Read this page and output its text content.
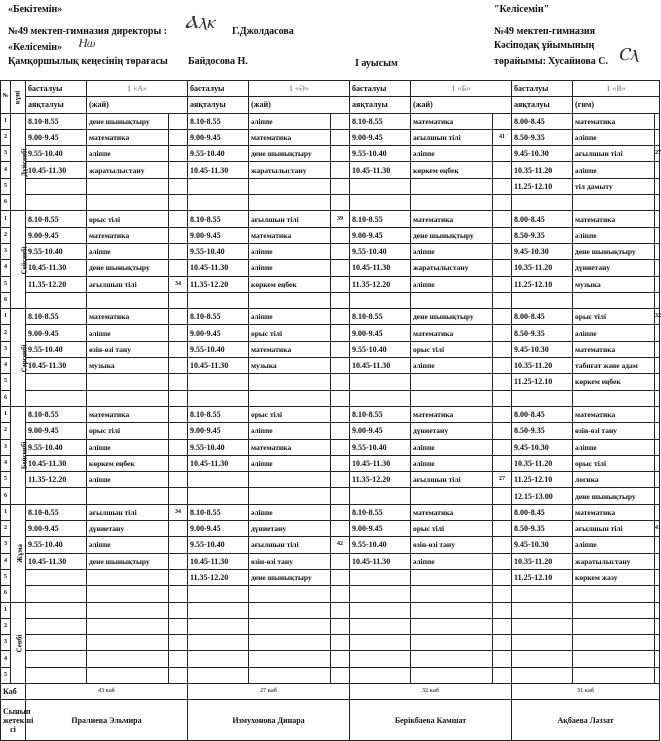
«Бекітемін»
№49 мектеп-гимназия директоры : Ⲁⲗⲕ Г.Джолдасова
«Келісемін» Ⲏⲱ
Қамқоршылық кеңесінің төрағасы Байдосова Н.	І ауысым
"Келісемін"
№49 мектеп-гимназия
Кәсіподақ ұйымының
төрайымы: Хусайнова С. Ⲥⲗ
№	күні	басталуы	1 «А»		басталуы	1 «Ә»		басталуы	1 «Б»		басталуы	1 «В»	
		аяқталуы	(жай)		аяқталуы	(жай)		аяқталуы	(жай)		аяқталуы	(гим)	
1	Дүйсенбі	8.10-8.55	дене шынықтыру		8.10-8.55	әліппе		8.10-8.55	математика		8.00-8.45	математика	
2		9.00-9.45	математика		9.00-9.45	математика		9.00-9.45	ағылшын тілі	41	8.50-9.35	әліппе	
3		9.55-10.40	әліппе		9.55-10.40	дене шынықтыру		9.55-10.40	әліппе		9.45-10.30	ағылшын тілі	27
4		10.45-11.30	жаратылыстану		10.45-11.30	жаратылыстану		10.45-11.30	көркем еңбек		10.35-11.20	әліппе	
5											11.25-12.10	тіл дамыту	
6													
1	Сейсенбі	8.10-8.55	орыс тілі		8.10-8.55	ағылшын тілі	39	8.10-8.55	математика		8.00-8.45	математика	
2		9.00-9.45	математика		9.00-9.45	математика		9.00-9.45	дене шынықтыру		8.50-9.35	әліппе	
3		9.55-10.40	әліппе		9.55-10.40	әліппе		9.55-10.40	әліппе		9.45-10.30	дене шынықтыру	
4		10.45-11.30	дене шынықтыру		10.45-11.30	әліппе		10.45-11.30	жаратылыстану		10.35-11.20	дүниетану	
5		11.35-12.20	ағылшын тілі	34	11.35-12.20	көркем еңбек		11.35-12.20	әліппе		11.25-12.10	музыка	
6													
1	Сәрсенбі	8.10-8.55	математика		8.10-8.55	әліппе		8.10-8.55	дене шынықтыру		8.00-8.45	орыс тілі	32
2		9.00-9.45	әліппе		9.00-9.45	орыс тілі		9.00-9.45	математика		8.50-9.35	әліппе	
3		9.55-10.40	өзін-өзі тану		9.55-10.40	математика		9.55-10.40	орыс тілі		9.45-10.30	математика	
4		10.45-11.30	музыка		10.45-11.30	музыка		10.45-11.30	әліппе		10.35-11.20	табиғат және адам	
5											11.25-12.10	көркем еңбек	
6													
1	Бейсенбі	8.10-8.55	математика		8.10-8.55	орыс тілі		8.10-8.55	математика		8.00-8.45	математика	
2		9.00-9.45	орыс тілі		9.00-9.45	әліппе		9.00-9.45	дүниетану		8.50-9.35	өзін-өзі тану	
3		9.55-10.40	әліппе		9.55-10.40	математика		9.55-10.40	әліппе		9.45-10.30	әліппе	
4		10.45-11.30	көркем еңбек		10.45-11.30	әліппе		10.45-11.30	әліппе		10.35-11.20	орыс тілі	
5		11.35-12.20	әліппе					11.35-12.20	ағылшын тілі	27	11.25-12.10	логика	
6											12.15-13.00	дене шынықтыру	
1	Жұма	8.10-8.55	ағылшын тілі	34	8.10-8.55	әліппе		8.10-8.55	математика		8.00-8.45	математика	
2		9.00-9.45	дүниетану		9.00-9.45	дүниетану		9.00-9.45	орыс тілі		8.50-9.35	ағылшын тілі	41
3		9.55-10.40	әліппе		9.55-10.40	ағылшын тілі	42	9.55-10.40	өзін-өзі тану		9.45-10.30	әліппе	
4		10.45-11.30	дене шынықтыру		10.45-11.30	өзін-өзі тану		10.45-11.30	әліппе		10.35-11.20	жаратылыстану	
5					11.35-12.20	дене шынықтыру					11.25-12.10	көркем жазу	
6													
1	Сенбі												
2													
3													
4													
5													
Каб		43 каб			27 каб			32 каб			31 каб		
Сынып жетекші сі		Пралиева Эльмира			Измухонова Динара			Берікбаева Камшат			Ақбаева Ләззат		
